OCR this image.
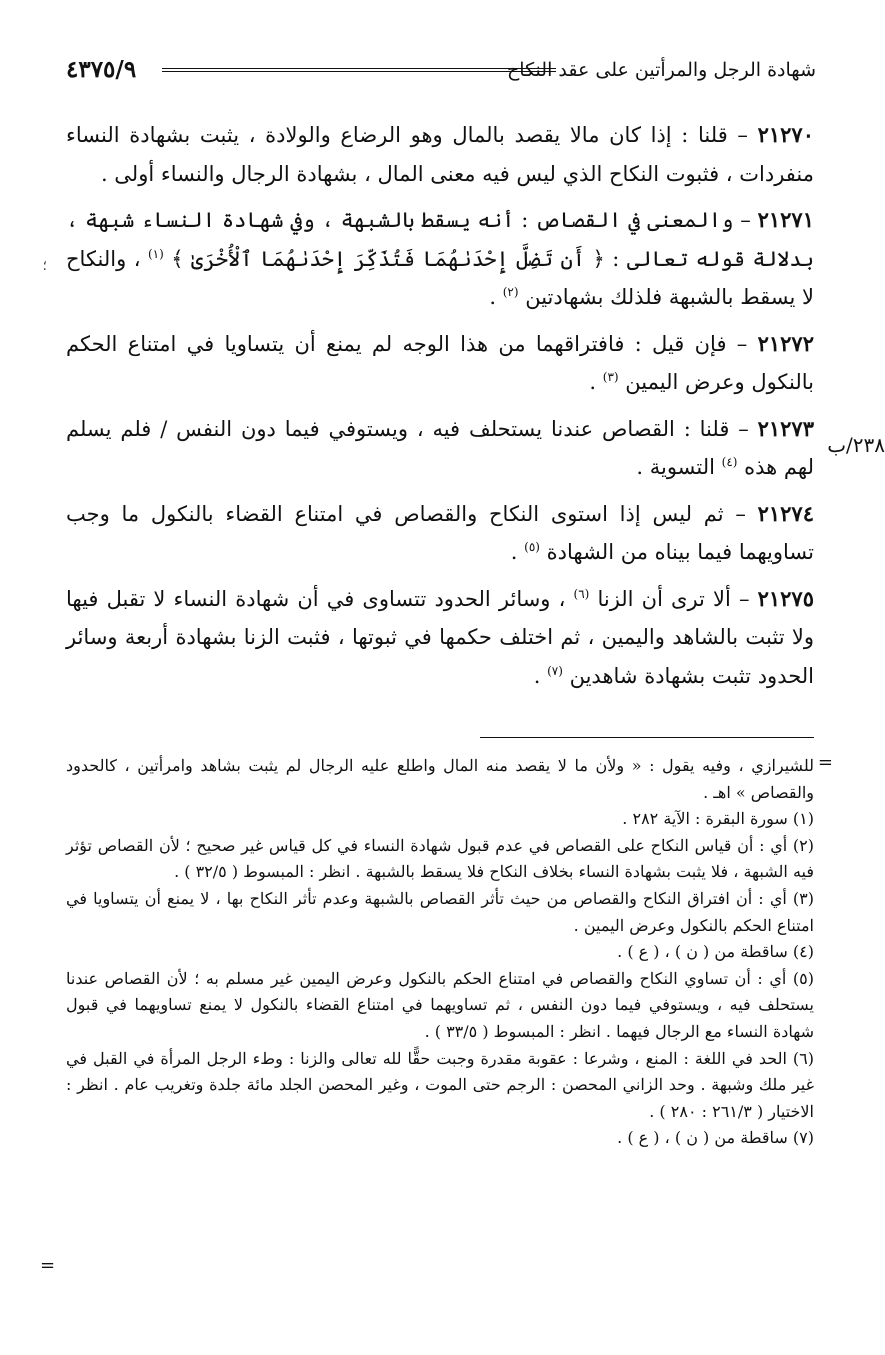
٤٣٧٥/٩	شهادة الرجل والمرأتين على عقد النكاح
؛

٢١٢٧٠ – قلنا : إذا كان مالا يقصد بالمال وهو الرضاع والولادة ، يثبت بشهادة النساء منفردات ، فثبوت النكاح الذي ليس فيه معنى المال ، بشهادة الرجال والنساء أولى .

٢١٢٧١ – والمعنى في القصاص : أنه يسقط بالشبهة ، وفي شهادة النساء شبهة ، بدلالة قوله تعالى : ﴿ أَن تَضِلَّ إِحْدَىٰهُمَا فَتُذَكِّرَ إِحْدَىٰهُمَا ٱلْأُخْرَىٰ ﴾ $^{(١)}$ ، والنكاح لا يسقط بالشبهة فلذلك بشهادتين $^{(٢)}$ .

٢١٢٧٢ – فإن قيل : فافتراقهما من هذا الوجه لم يمنع أن يتساويا في امتناع الحكم بالنكول وعرض اليمين $^{(٣)}$ .

٢١٢٧٣ – قلنا : القصاص عندنا يستحلف فيه ، ويستوفي فيما دون النفس / فلم يسلم لهم هذه $^{(٤)}$ التسوية .

٢١٢٧٤ – ثم ليس إذا استوى النكاح والقصاص في امتناع القضاء بالنكول ما وجب تساويهما فيما بيناه من الشهادة $^{(٥)}$ .

٢١٢٧٥ – ألا ترى أن الزنا $^{(٦)}$ ، وسائر الحدود تتساوى في أن شهادة النساء لا تقبل فيها ولا تثبت بالشاهد واليمين ، ثم اختلف حكمها في ثبوتها ، فثبت الزنا بشهادة أربعة وسائر الحدود تثبت بشهادة شاهدين $^{(٧)}$ .

٢٣٨/ب
=

للشيرازي ، وفيه يقول : « ولأن ما لا يقصد منه المال واطلع عليه الرجال لم يثبت بشاهد وامرأتين ، كالحدود والقصاص » اهـ .

(١) سورة البقرة : الآية ٢٨٢ .

(٢) أي : أن قياس النكاح على القصاص في عدم قبول شهادة النساء في كل قياس غير صحيح ؛ لأن القصاص تؤثر فيه الشبهة ، فلا يثبت بشهادة النساء بخلاف النكاح فلا يسقط بالشبهة . انظر : المبسوط ( ٣٢/٥ ) .

(٣) أي : أن افتراق النكاح والقصاص من حيث تأثر القصاص بالشبهة وعدم تأثر النكاح بها ، لا يمنع أن يتساويا في امتناع الحكم بالنكول وعرض اليمين .

(٤) ساقطة من ( ن ) ، ( ع ) .

(٥) أي : أن تساوي النكاح والقصاص في امتناع الحكم بالنكول وعرض اليمين غير مسلم به ؛ لأن القصاص عندنا يستحلف فيه ، ويستوفي فيما دون النفس ، ثم تساويهما في امتناع القضاء بالنكول لا يمنع تساويهما في قبول شهادة النساء مع الرجال فيهما . انظر : المبسوط ( ٣٣/٥ ) .

(٦) الحد في اللغة : المنع ، وشرعا : عقوبة مقدرة وجبت حقًّا لله تعالى والزنا : وطء الرجل المرأة في القبل في غير ملك وشبهة . وحد الزاني المحصن : الرجم حتى الموت ، وغير المحصن الجلد مائة جلدة وتغريب عام . انظر : الاختيار ( ٢٦١/٣ : ٢٨٠ ) .

(٧) ساقطة من ( ن ) ، ( ع ) .

=
